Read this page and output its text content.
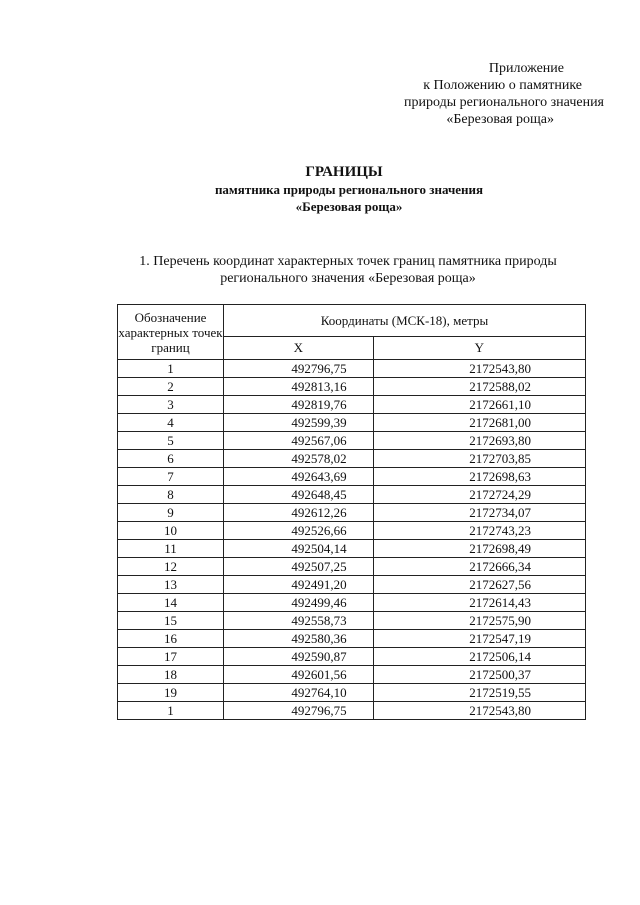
Приложение
к Положению о памятнике
природы регионального значения
«Березовая роща»
ГРАНИЦЫ
памятника природы регионального значения
«Березовая роща»
1. Перечень координат характерных точек границ памятника природы
регионального значения «Березовая роща»
Обозначение характерных точек границ	Координаты (МСК-18), метры	
	X	Y
1	492796,75	2172543,80
2	492813,16	2172588,02
3	492819,76	2172661,10
4	492599,39	2172681,00
5	492567,06	2172693,80
6	492578,02	2172703,85
7	492643,69	2172698,63
8	492648,45	2172724,29
9	492612,26	2172734,07
10	492526,66	2172743,23
11	492504,14	2172698,49
12	492507,25	2172666,34
13	492491,20	2172627,56
14	492499,46	2172614,43
15	492558,73	2172575,90
16	492580,36	2172547,19
17	492590,87	2172506,14
18	492601,56	2172500,37
19	492764,10	2172519,55
1	492796,75	2172543,80
